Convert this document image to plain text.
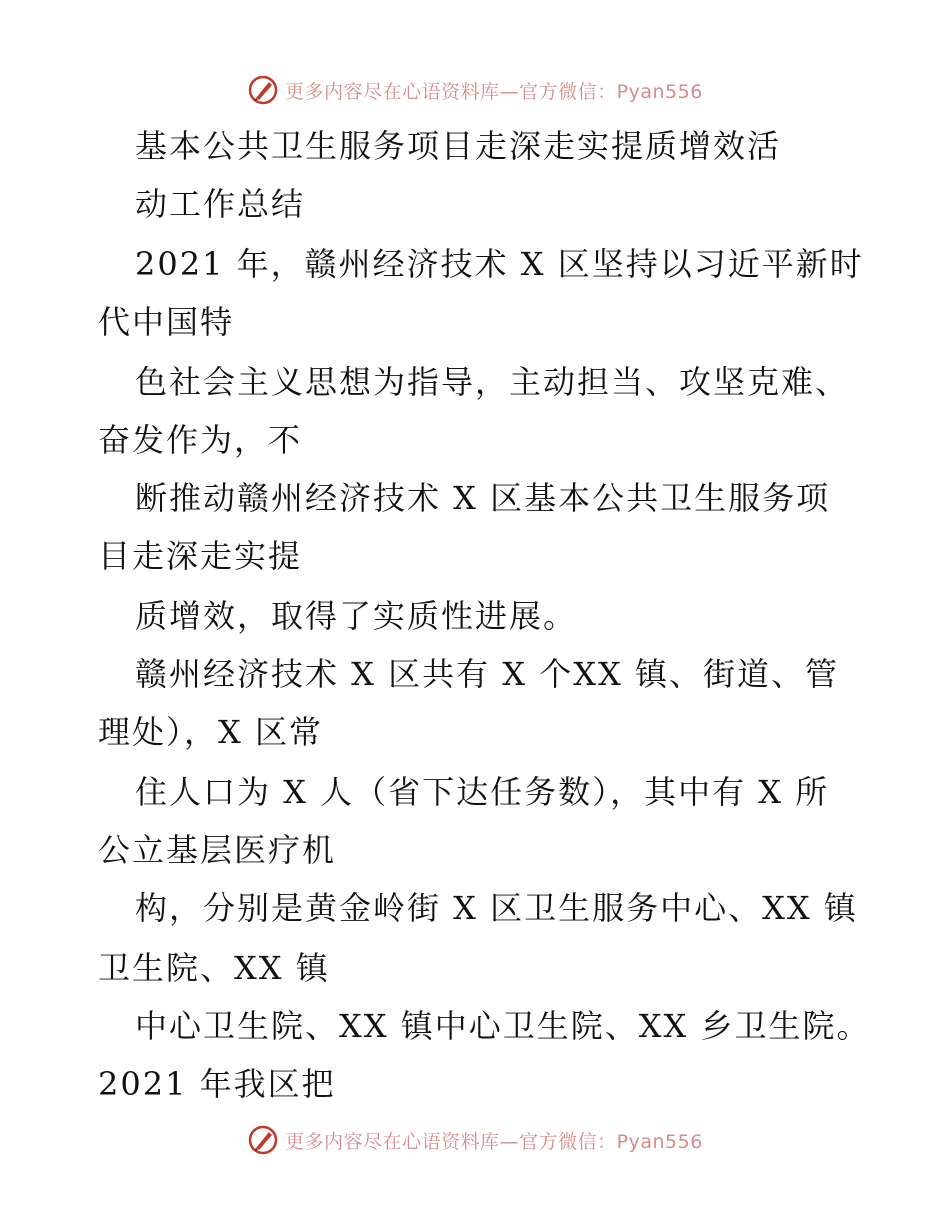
更多内容尽在心语资料库—官方微信：Pyan556
基本公共卫生服务项目走深走实提质增效活
动工作总结
2021 年，赣州经济技术 X 区坚持以习近平新时
代中国特
色社会主义思想为指导，主动担当、攻坚克难、
奋发作为，不
断推动赣州经济技术 X 区基本公共卫生服务项
目走深走实提
质增效，取得了实质性进展。
赣州经济技术 X 区共有 X 个XX 镇、街道、管
理处），X 区常
住人口为 X 人（省下达任务数），其中有 X 所
公立基层医疗机
构，分别是黄金岭街 X 区卫生服务中心、XX 镇
卫生院、XX 镇
中心卫生院、XX 镇中心卫生院、XX 乡卫生院。
2021 年我区把
更多内容尽在心语资料库—官方微信：Pyan556
